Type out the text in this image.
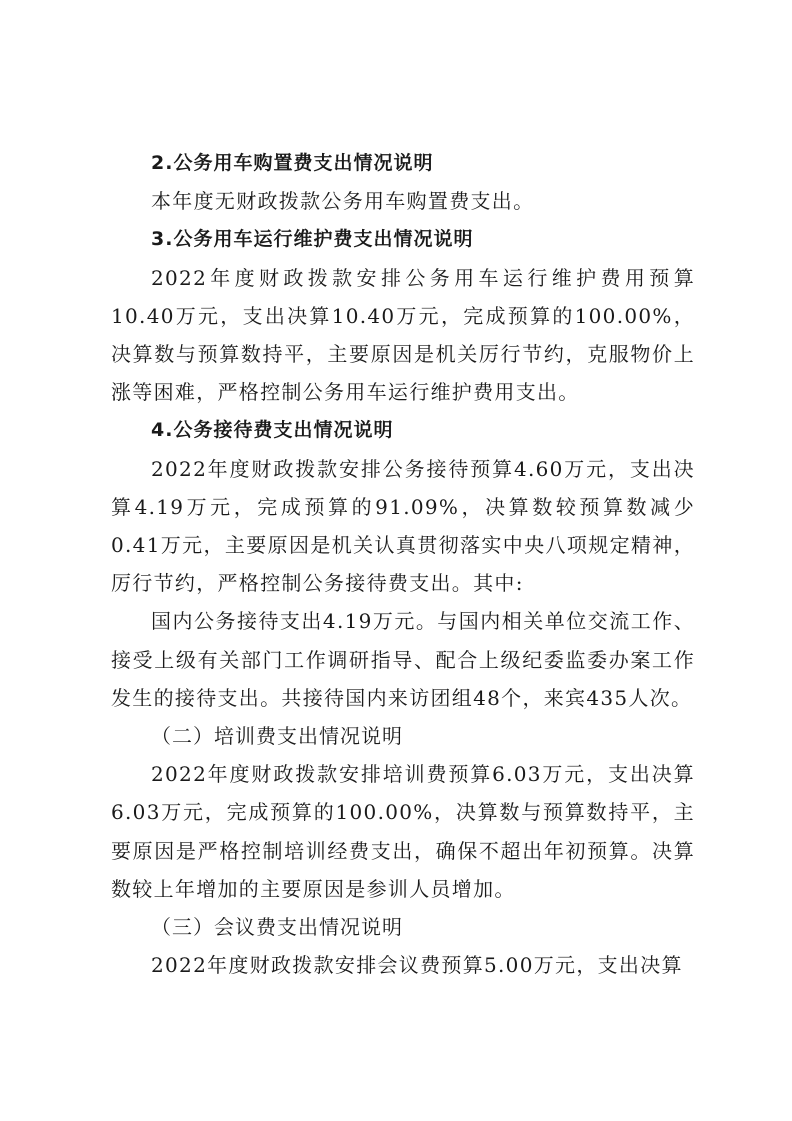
2.公务用车购置费支出情况说明

本年度无财政拨款公务用车购置费支出。

3.公务用车运行维护费支出情况说明

2022年度财政拨款安排公务用车运行维护费用预算10.40万元，支出决算10.40万元，完成预算的100.00%，决算数与预算数持平，主要原因是机关厉行节约，克服物价上涨等困难，严格控制公务用车运行维护费用支出。

4.公务接待费支出情况说明

2022年度财政拨款安排公务接待预算4.60万元，支出决算4.19万元，完成预算的91.09%，决算数较预算数减少0.41万元，主要原因是机关认真贯彻落实中央八项规定精神，厉行节约，严格控制公务接待费支出。其中:

国内公务接待支出4.19万元。与国内相关单位交流工作、接受上级有关部门工作调研指导、配合上级纪委监委办案工作发生的接待支出。共接待国内来访团组48个，来宾435人次。

（二）培训费支出情况说明

2022年度财政拨款安排培训费预算6.03万元，支出决算6.03万元，完成预算的100.00%，决算数与预算数持平，主要原因是严格控制培训经费支出，确保不超出年初预算。决算数较上年增加的主要原因是参训人员增加。

（三）会议费支出情况说明

2022年度财政拨款安排会议费预算5.00万元，支出决算
